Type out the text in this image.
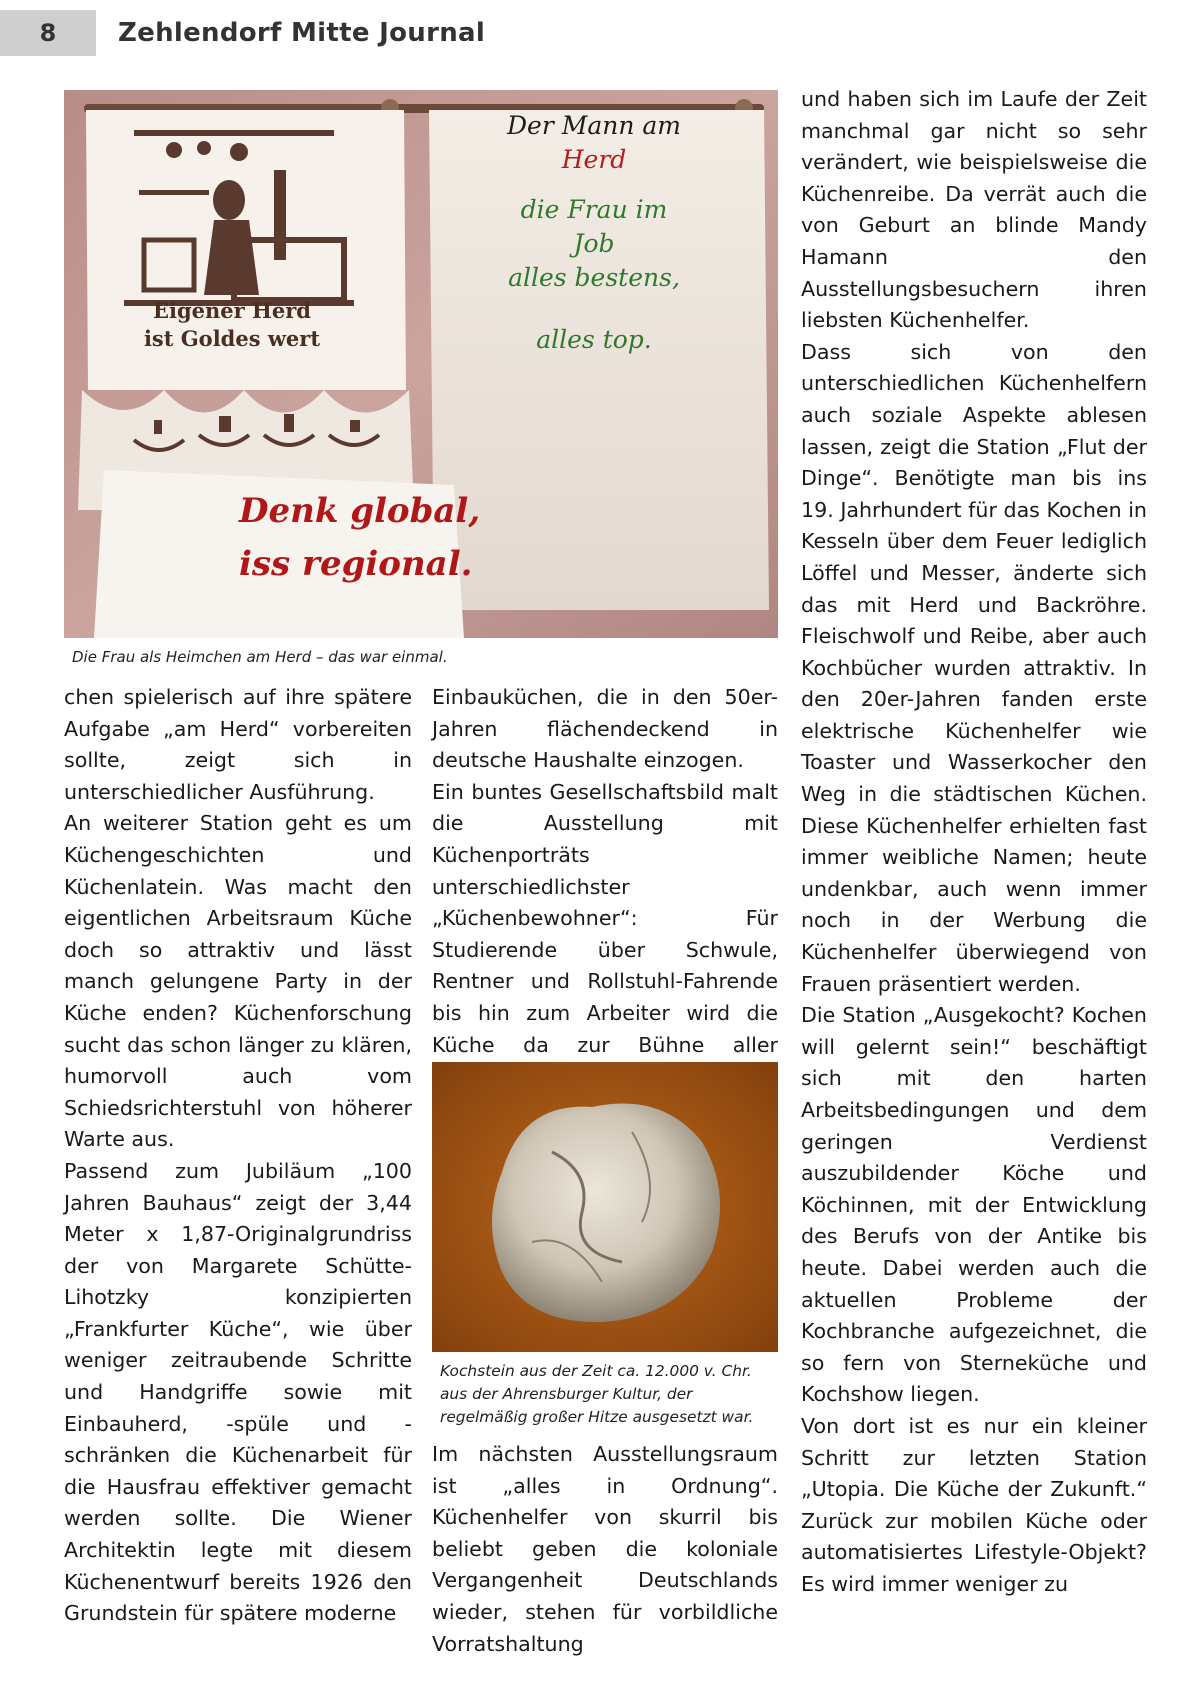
8	Zehlendorf Mitte Journal
Eigener Herd
ist Goldes wert
Der Mann am
Herd
die Frau im
Job
alles bestens,
alles top.
Denk global,
iss regional.
Die Frau als Heimchen am Herd – das war einmal.

chen spielerisch auf ihre spätere Aufgabe „am Herd“ vorbereiten sollte, zeigt sich in unterschiedlicher Ausführung.

An weiterer Station geht es um Küchengeschichten und Küchenlatein. Was macht den eigentlichen Arbeitsraum Küche doch so attraktiv und lässt manch gelungene Party in der Küche enden? Küchenforschung sucht das schon länger zu klären, humorvoll auch vom Schiedsrichterstuhl von höherer Warte aus.

Passend zum Jubiläum „100 Jahren Bauhaus“ zeigt der 3,44 Meter x 1,87-Originalgrundriss der von Margarete Schütte-Lihotzky konzipierten „Frankfurter Küche“, wie über weniger zeitraubende Schritte und Handgriffe sowie mit Einbauherd, -spüle und -schränken die Küchenarbeit für die Hausfrau effektiver gemacht werden sollte. Die Wiener Architektin legte mit diesem Küchenentwurf bereits 1926 den Grundstein für spätere moderne

Einbauküchen, die in den 50er-Jahren flächendeckend in deutsche Haushalte einzogen.

Ein buntes Gesellschaftsbild malt die Ausstellung mit Küchenporträts unterschiedlichster „Küchenbewohner“: Für Studierende über Schwule, Rentner und Rollstuhl-Fahrende bis hin zum Arbeiter wird die Küche da zur Bühne aller

Kochstein aus der Zeit ca. 12.000 v. Chr. aus der Ahrensburger Kultur, der regelmäßig großer Hitze ausgesetzt war.

Im nächsten Ausstellungsraum ist „alles in Ordnung“. Küchenhelfer von skurril bis beliebt geben die koloniale Vergangenheit Deutschlands wieder, stehen für vorbildliche Vorratshaltung

und haben sich im Laufe der Zeit manchmal gar nicht so sehr verändert, wie beispielsweise die Küchenreibe. Da verrät auch die von Geburt an blinde Mandy Hamann den Ausstellungsbesuchern ihren liebsten Küchenhelfer.

Dass sich von den unterschiedlichen Küchenhelfern auch soziale Aspekte ablesen lassen, zeigt die Station „Flut der Dinge“. Benötigte man bis ins 19. Jahrhundert für das Kochen in Kesseln über dem Feuer lediglich Löffel und Messer, änderte sich das mit Herd und Backröhre. Fleischwolf und Reibe, aber auch Kochbücher wurden attraktiv. In den 20er-Jahren fanden erste elektrische Küchenhelfer wie Toaster und Wasserkocher den Weg in die städtischen Küchen. Diese Küchenhelfer erhielten fast immer weibliche Namen; heute undenkbar, auch wenn immer noch in der Werbung die Küchenhelfer überwiegend von Frauen präsentiert werden.

Die Station „Ausgekocht? Kochen will gelernt sein!“ beschäftigt sich mit den harten Arbeitsbedingungen und dem geringen Verdienst auszubildender Köche und Köchinnen, mit der Entwicklung des Berufs von der Antike bis heute. Dabei werden auch die aktuellen Probleme der Kochbranche aufgezeichnet, die so fern von Sterneküche und Kochshow liegen.

Von dort ist es nur ein kleiner Schritt zur letzten Station „Utopia. Die Küche der Zukunft.“ Zurück zur mobilen Küche oder automatisiertes Lifestyle-Objekt? Es wird immer weniger zu
